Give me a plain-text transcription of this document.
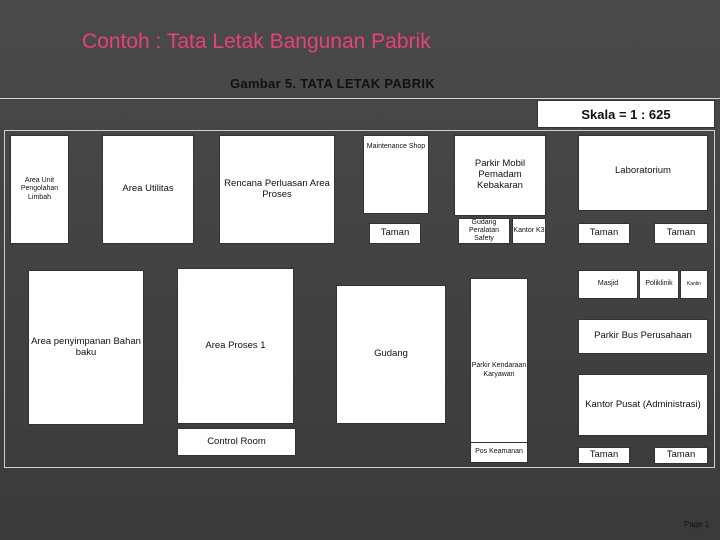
Contoh : Tata Letak Bangunan Pabrik
Gambar 5. TATA LETAK PABRIK
Skala = 1 : 625
Area Unit Pengolahan Limbah
Area Utilitas	Rencana Perluasan Area Proses
Maintenance Shop
Taman
Parkir Mobil Pemadam Kebakaran
Gudang Peralatan Safety
Kantor K3
Laboratorium
Taman	Taman
Masjid	Poliklinik	Kantin
Parkir Bus Perusahaan
Area penyimpanan Bahan baku
Area Proses 1
Gudang
Parkir Kendaraan Karyawan
Kantor Pusat (Administrasi)
Control Room
Pos Keamanan	Taman	Taman
Page 1
